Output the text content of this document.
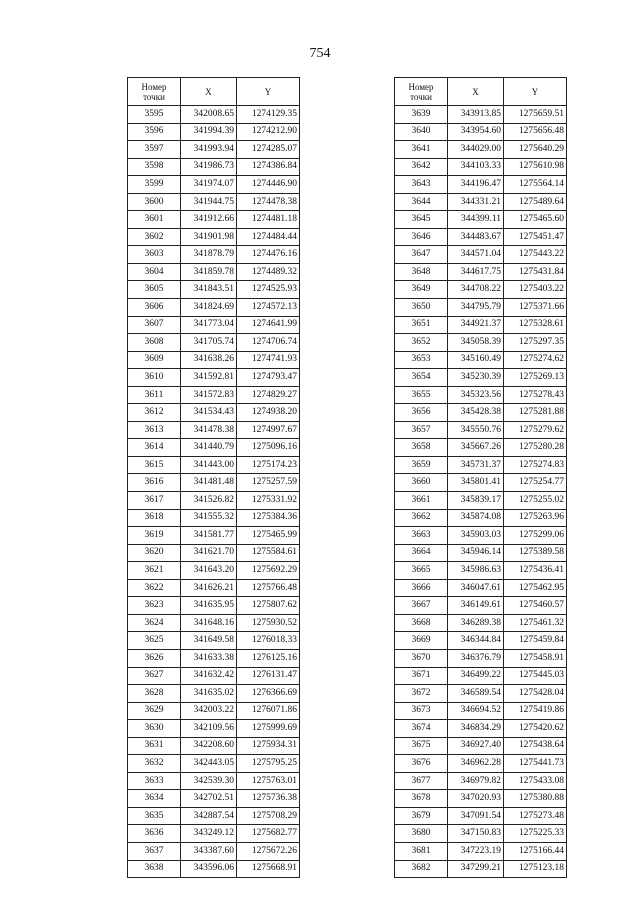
754
Номер
точки	X	Y
3595	342008.65	1274129.35
3596	341994.39	1274212.90
3597	341993.94	1274285.07
3598	341986.73	1274386.84
3599	341974.07	1274446.90
3600	341944.75	1274478.38
3601	341912.66	1274481.18
3602	341901.98	1274484.44
3603	341878.79	1274476.16
3604	341859.78	1274489.32
3605	341843.51	1274525.93
3606	341824.69	1274572.13
3607	341773.04	1274641.99
3608	341705.74	1274706.74
3609	341638.26	1274741.93
3610	341592.81	1274793.47
3611	341572.83	1274829.27
3612	341534.43	1274938.20
3613	341478.38	1274997.67
3614	341440.79	1275096.16
3615	341443.00	1275174.23
3616	341481.48	1275257.59
3617	341526.82	1275331.92
3618	341555.32	1275384.36
3619	341581.77	1275465.99
3620	341621.70	1275584.61
3621	341643.20	1275692.29
3622	341626.21	1275766.48
3623	341635.95	1275807.62
3624	341648.16	1275930.52
3625	341649.58	1276018.33
3626	341633.38	1276125.16
3627	341632.42	1276131.47
3628	341635.02	1276366.69
3629	342003.22	1276071.86
3630	342109.56	1275999.69
3631	342208.60	1275934.31
3632	342443.05	1275795.25
3633	342539.30	1275763.01
3634	342702.51	1275736.38
3635	342887.54	1275708.29
3636	343249.12	1275682.77
3637	343387.60	1275672.26
3638	343596.06	1275668.91
Номер
точки	X	Y
3639	343913.85	1275659.51
3640	343954.60	1275656.48
3641	344029.00	1275640.29
3642	344103.33	1275610.98
3643	344196.47	1275564.14
3644	344331.21	1275489.64
3645	344399.11	1275465.60
3646	344483.67	1275451.47
3647	344571.04	1275443.22
3648	344617.75	1275431.84
3649	344708.22	1275403.22
3650	344795.79	1275371.66
3651	344921.37	1275328.61
3652	345058.39	1275297.35
3653	345160.49	1275274.62
3654	345230.39	1275269.13
3655	345323.56	1275278.43
3656	345428.38	1275281.88
3657	345550.76	1275279.62
3658	345667.26	1275280.28
3659	345731.37	1275274.83
3660	345801.41	1275254.77
3661	345839.17	1275255.02
3662	345874.08	1275263.96
3663	345903.03	1275299.06
3664	345946.14	1275389.58
3665	345986.63	1275436.41
3666	346047.61	1275462.95
3667	346149.61	1275460.57
3668	346289.38	1275461.32
3669	346344.84	1275459.84
3670	346376.79	1275458.91
3671	346499.22	1275445.03
3672	346589.54	1275428.04
3673	346694.52	1275419.86
3674	346834.29	1275420.62
3675	346927.40	1275438.64
3676	346962.28	1275441.73
3677	346979.82	1275433.08
3678	347020.93	1275380.88
3679	347091.54	1275273.48
3680	347150.83	1275225.33
3681	347223.19	1275166.44
3682	347299.21	1275123.18
